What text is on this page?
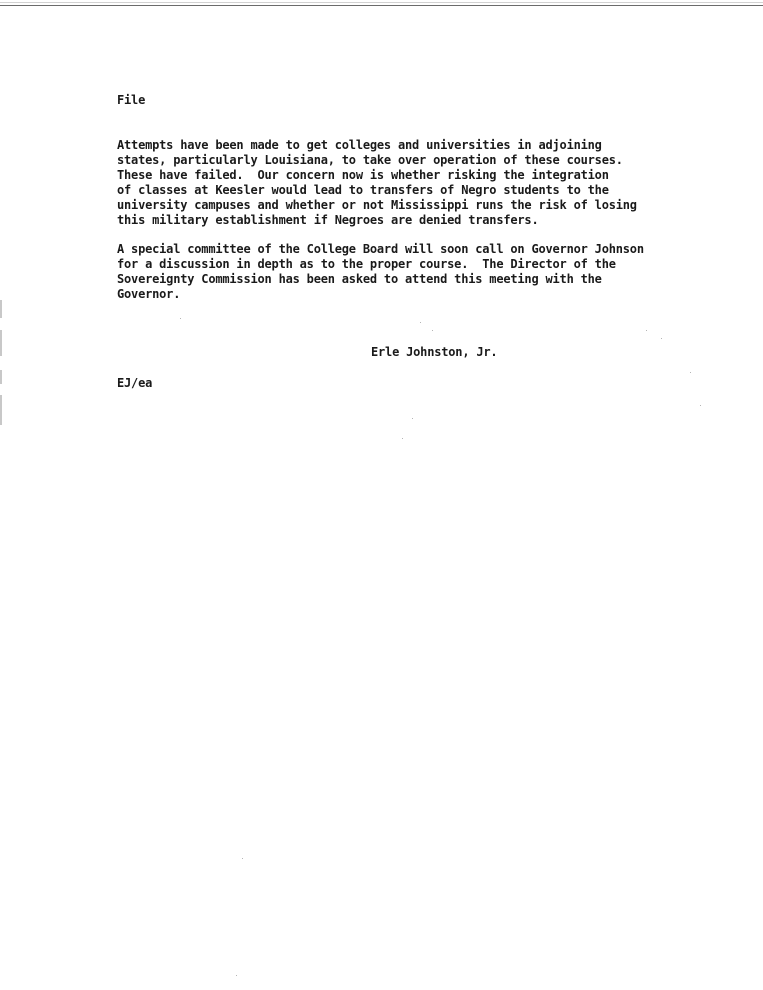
File

Attempts have been made to get colleges and universities in adjoining
states, particularly Louisiana, to take over operation of these courses.
These have failed.  Our concern now is whether risking the integration
of classes at Keesler would lead to transfers of Negro students to the
university campuses and whether or not Mississippi runs the risk of losing
this military establishment if Negroes are denied transfers.

A special committee of the College Board will soon call on Governor Johnson
for a discussion in depth as to the proper course.  The Director of the
Sovereignty Commission has been asked to attend this meeting with the
Governor.

Erle Johnston, Jr.

EJ/ea
